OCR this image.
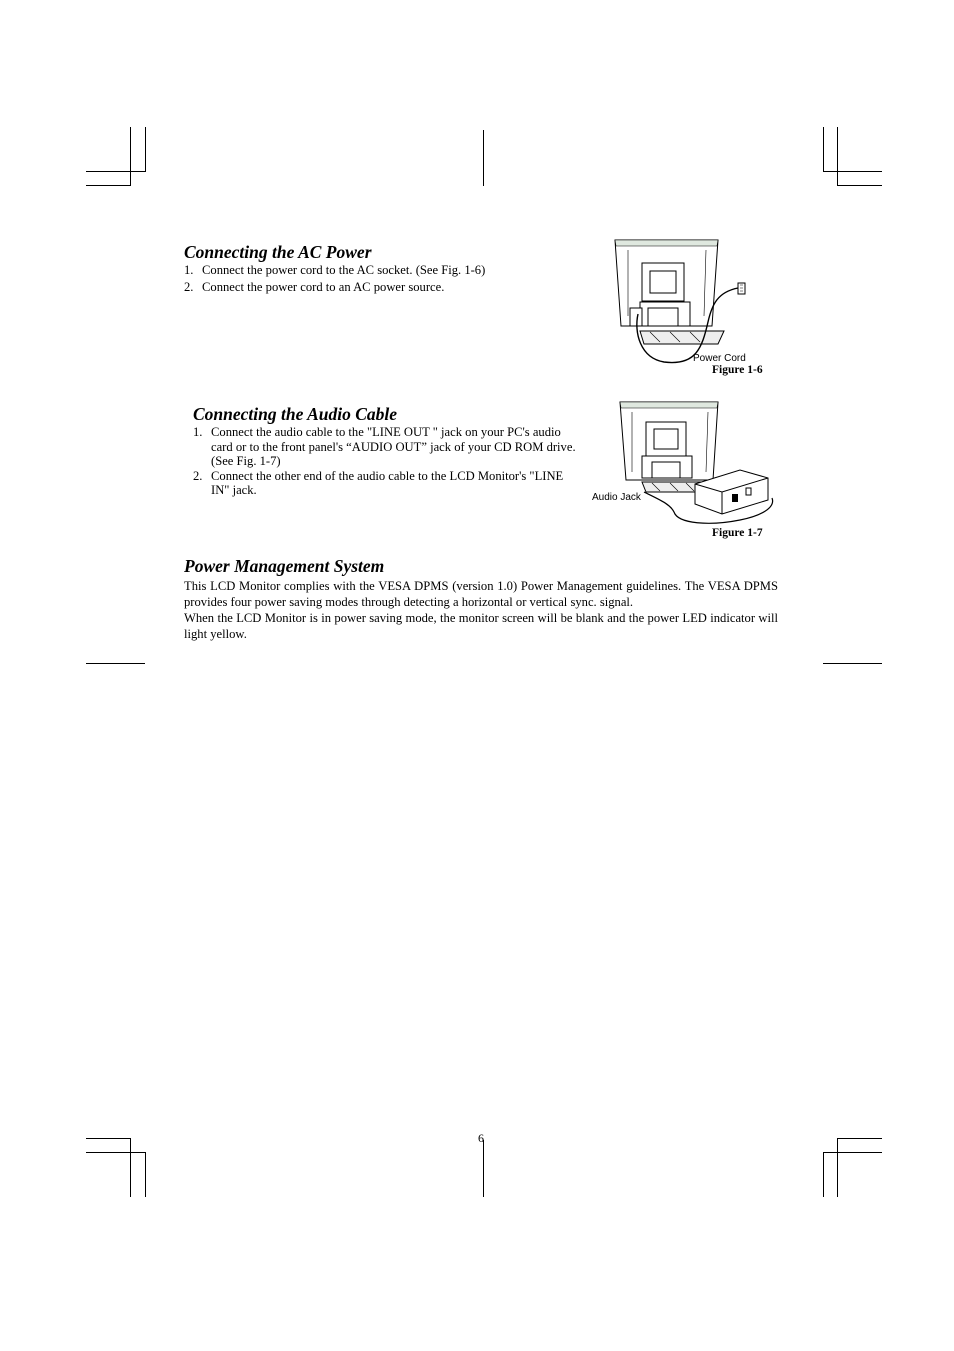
Connecting the AC Power
1. Connect the power cord to the AC socket. (See Fig. 1-6)
2. Connect the power cord to an AC power source.

Power Cord

Figure 1-6

Connecting the Audio Cable
1. Connect the audio cable to the "LINE OUT " jack on your PC's audio card or to the front panel's “AUDIO OUT” jack of your CD ROM drive. (See Fig. 1-7)
2. Connect the other end of the audio cable to the LCD Monitor's "LINE IN" jack.

Audio Jack

Figure 1-7

Power Management System

This LCD Monitor complies with the VESA DPMS (version 1.0) Power Management guidelines. The VESA DPMS provides four power saving modes through detecting a horizontal or vertical sync. signal.

When the LCD Monitor is in power saving mode, the monitor screen will be blank and the power LED indicator will light yellow.

6
